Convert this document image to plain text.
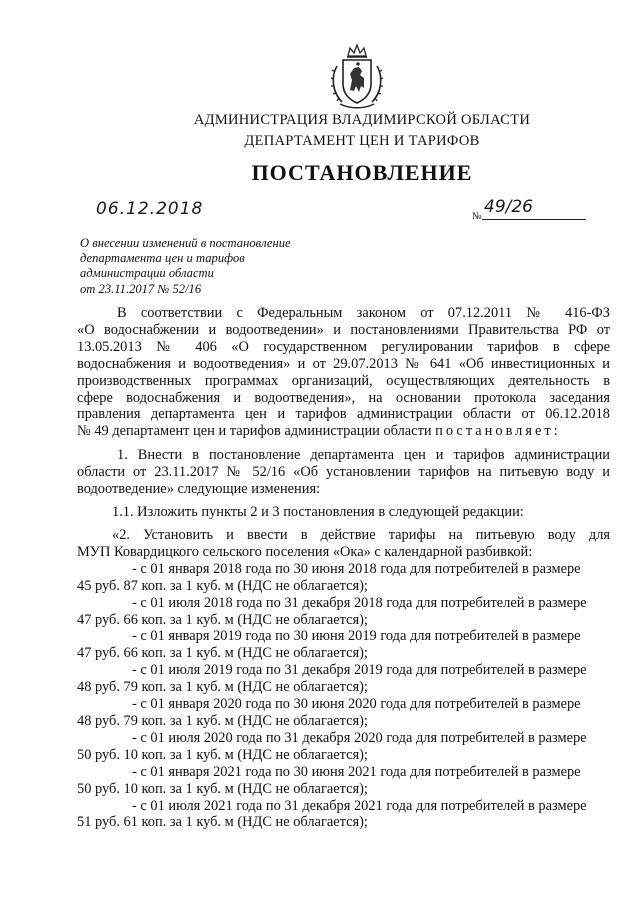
АДМИНИСТРАЦИЯ ВЛАДИМИРСКОЙ ОБЛАСТИ
ДЕПАРТАМЕНТ ЦЕН И ТАРИФОВ
ПОСТАНОВЛЕНИЕ
06.12.2018	№ 49/26
О внесении изменений в постановление
департамента цен и тарифов
администрации области
от 23.11.2017 № 52/16
В соответствии с Федеральным законом от 07.12.2011 № 416-ФЗ
«О водоснабжении и водоотведении» и постановлениями Правительства РФ от
13.05.2013 № 406 «О государственном регулировании тарифов в сфере
водоснабжения и водоотведения» и от 29.07.2013 № 641 «Об инвестиционных и
производственных программах организаций, осуществляющих деятельность в
сфере водоснабжения и водоотведения», на основании протокола заседания
правления департамента цен и тарифов администрации области от 06.12.2018
№ 49 департамент цен и тарифов администрации области постановляет:
1. Внести в постановление департамента цен и тарифов администрации
области от 23.11.2017 № 52/16 «Об установлении тарифов на питьевую воду и
водоотведение» следующие изменения:
1.1. Изложить пункты 2 и 3 постановления в следующей редакции:
«2. Установить и ввести в действие тарифы на питьевую воду для
МУП Ковардицкого сельского поселения «Ока» с календарной разбивкой:
- с 01 января 2018 года по 30 июня 2018 года для потребителей в размере
45 руб. 87 коп. за 1 куб. м (НДС не облагается);
- с 01 июля 2018 года по 31 декабря 2018 года для потребителей в размере
47 руб. 66 коп. за 1 куб. м (НДС не облагается);
- с 01 января 2019 года по 30 июня 2019 года для потребителей в размере
47 руб. 66 коп. за 1 куб. м (НДС не облагается);
- с 01 июля 2019 года по 31 декабря 2019 года для потребителей в размере
48 руб. 79 коп. за 1 куб. м (НДС не облагается);
- с 01 января 2020 года по 30 июня 2020 года для потребителей в размере
48 руб. 79 коп. за 1 куб. м (НДС не облагается);
- с 01 июля 2020 года по 31 декабря 2020 года для потребителей в размере
50 руб. 10 коп. за 1 куб. м (НДС не облагается);
- с 01 января 2021 года по 30 июня 2021 года для потребителей в размере
50 руб. 10 коп. за 1 куб. м (НДС не облагается);
- с 01 июля 2021 года по 31 декабря 2021 года для потребителей в размере
51 руб. 61 коп. за 1 куб. м (НДС не облагается);
